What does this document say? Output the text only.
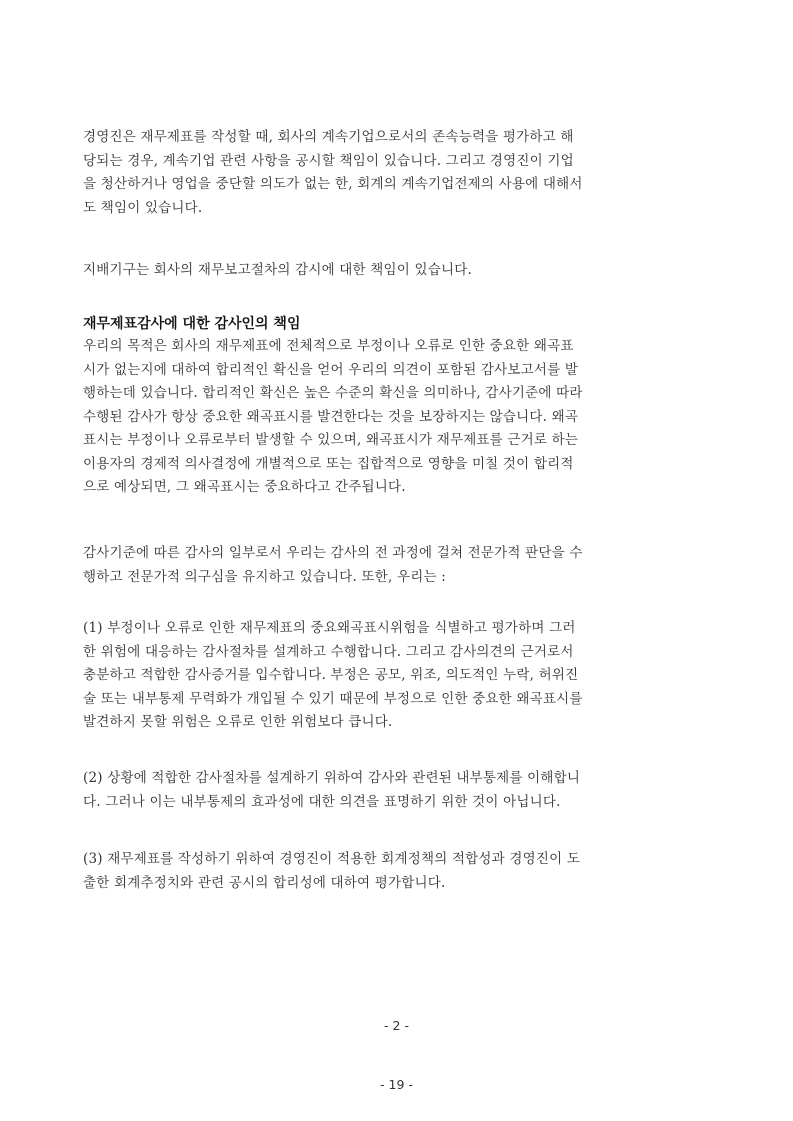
경영진은 재무제표를 작성할 때, 회사의 계속기업으로서의 존속능력을 평가하고 해
당되는 경우, 계속기업 관련 사항을 공시할 책임이 있습니다. 그리고 경영진이 기업
을 청산하거나 영업을 중단할 의도가 없는 한, 회계의 계속기업전제의 사용에 대해서
도 책임이 있습니다.
지배기구는 회사의 재무보고절차의 감시에 대한 책임이 있습니다.
재무제표감사에 대한 감사인의 책임
우리의 목적은 회사의 재무제표에 전체적으로 부정이나 오류로 인한 중요한 왜곡표
시가 없는지에 대하여 합리적인 확신을 얻어 우리의 의견이 포함된 감사보고서를 발
행하는데 있습니다. 합리적인 확신은 높은 수준의 확신을 의미하나, 감사기준에 따라
수행된 감사가 항상 중요한 왜곡표시를 발견한다는 것을 보장하지는 않습니다. 왜곡
표시는 부정이나 오류로부터 발생할 수 있으며, 왜곡표시가 재무제표를 근거로 하는
이용자의 경제적 의사결정에 개별적으로 또는 집합적으로 영향을 미칠 것이 합리적
으로 예상되면, 그 왜곡표시는 중요하다고 간주됩니다.
감사기준에 따른 감사의 일부로서 우리는 감사의 전 과정에 걸쳐 전문가적 판단을 수
행하고 전문가적 의구심을 유지하고 있습니다. 또한, 우리는 :
(1) 부정이나 오류로 인한 재무제표의 중요왜곡표시위험을 식별하고 평가하며 그러
한 위험에 대응하는 감사절차를 설계하고 수행합니다. 그리고 감사의견의 근거로서
충분하고 적합한 감사증거를 입수합니다. 부정은 공모, 위조, 의도적인 누락, 허위진
술 또는 내부통제 무력화가 개입될 수 있기 때문에 부정으로 인한 중요한 왜곡표시를
발견하지 못할 위험은 오류로 인한 위험보다 큽니다.
(2) 상황에 적합한 감사절차를 설계하기 위하여 감사와 관련된 내부통제를 이해합니
다. 그러나 이는 내부통제의 효과성에 대한 의견을 표명하기 위한 것이 아닙니다.
(3) 재무제표를 작성하기 위하여 경영진이 적용한 회계정책의 적합성과 경영진이 도
출한 회계추정치와 관련 공시의 합리성에 대하여 평가합니다.
- 2 -
- 19 -
